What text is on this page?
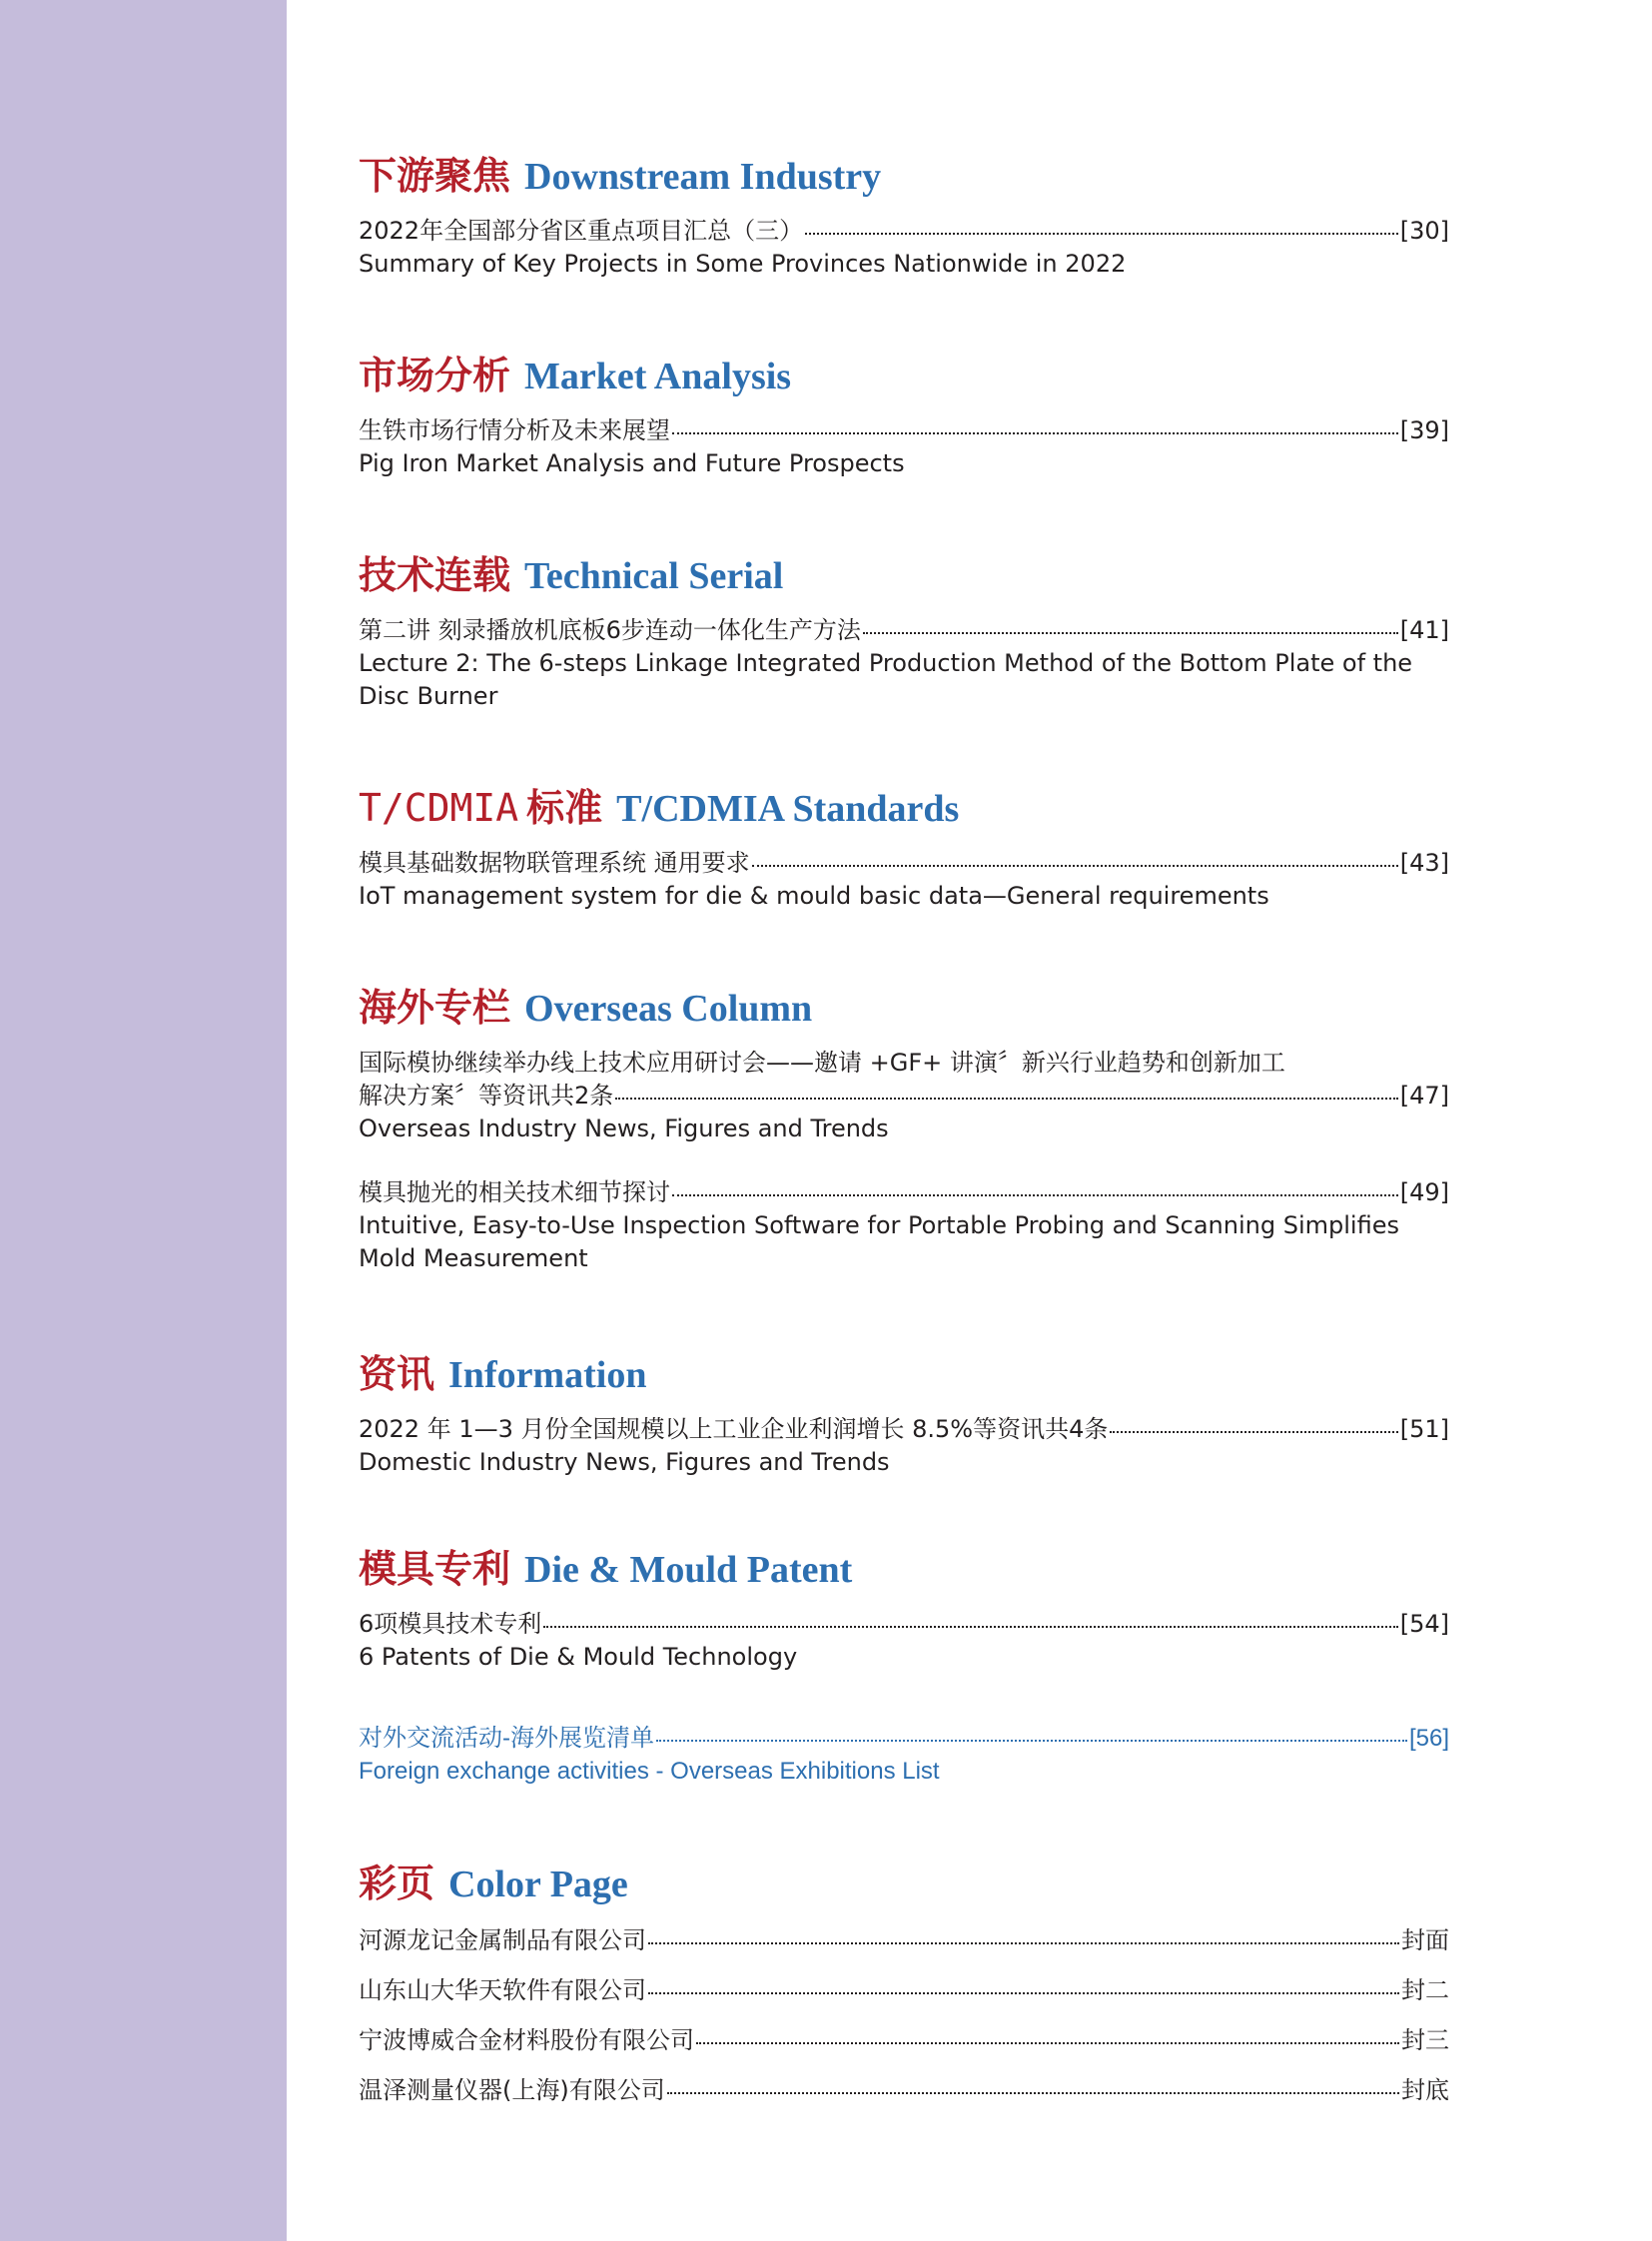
下游聚焦 Downstream Industry
2022年全国部分省区重点项目汇总（三）	[30]
Summary of Key Projects in Some Provinces Nationwide in 2022
市场分析 Market Analysis
生铁市场行情分析及未来展望	[39]
Pig Iron Market Analysis and Future Prospects
技术连载 Technical Serial
第二讲 刻录播放机底板6步连动一体化生产方法	[41]
Lecture 2: The 6-steps Linkage Integrated Production Method of the Bottom Plate of the
Disc Burner
T/CDMIA 标准 T/CDMIA Standards
模具基础数据物联管理系统 通用要求	[43]
IoT management system for die & mould basic data—General requirements
海外专栏 Overseas Column
国际模协继续举办线上技术应用研讨会——邀请 +GF+ 讲演〞新兴行业趋势和创新加工
解决方案〞等资讯共2条	[47]
Overseas Industry News, Figures and Trends
模具抛光的相关技术细节探讨	[49]
Intuitive, Easy-to-Use Inspection Software for Portable Probing and Scanning Simplifies
Mold Measurement
资讯 Information
2022 年 1—3 月份全国规模以上工业企业利润增长 8.5%等资讯共4条	[51]
Domestic Industry News, Figures and Trends
模具专利 Die & Mould Patent
6项模具技术专利	[54]
6 Patents of Die & Mould Technology
对外交流活动-海外展览清单	[56]
Foreign exchange activities - Overseas Exhibitions List
彩页 Color Page
河源龙记金属制品有限公司	封面
山东山大华天软件有限公司	封二
宁波博威合金材料股份有限公司	封三
温泽测量仪器(上海)有限公司	封底
